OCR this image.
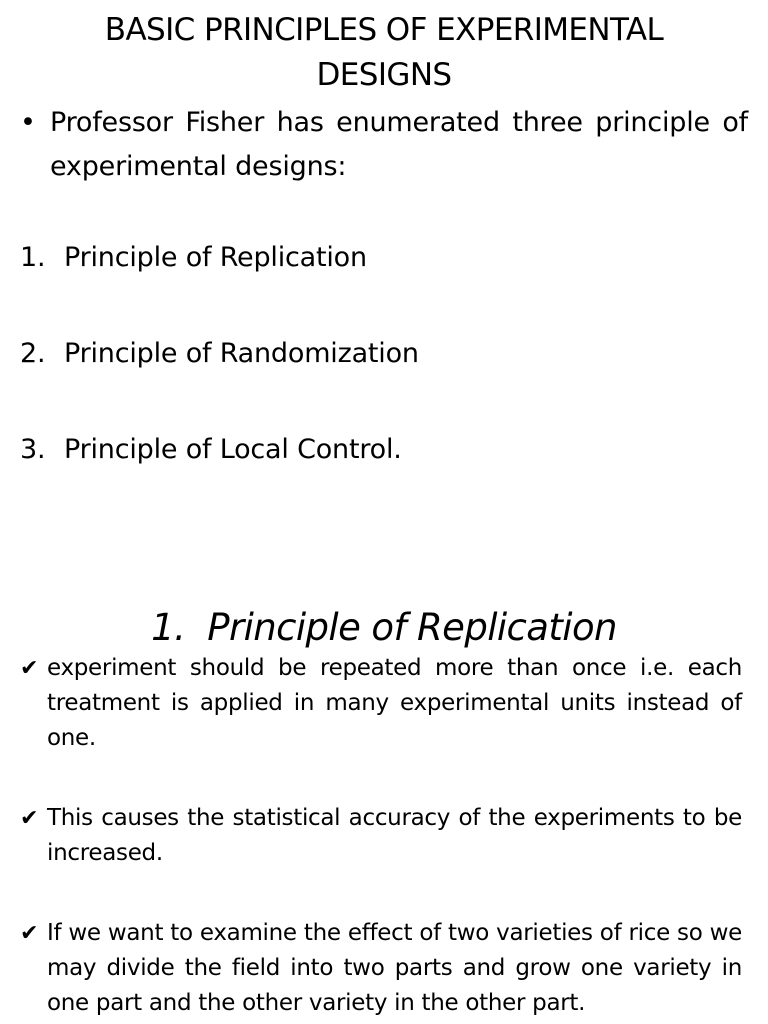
BASIC PRINCIPLES OF EXPERIMENTAL DESIGNS
• Professor Fisher has enumerated three principle of experimental designs:
1. Principle of Replication
2. Principle of Randomization
3. Principle of Local Control.
1. Principle of Replication
✔ experiment should be repeated more than once i.e. each treatment is applied in many experimental units instead of one.
✔ This causes the statistical accuracy of the experiments to be increased.
✔ If we want to examine the effect of two varieties of rice so we may divide the field into two parts and grow one variety in one part and the other variety in the other part.
